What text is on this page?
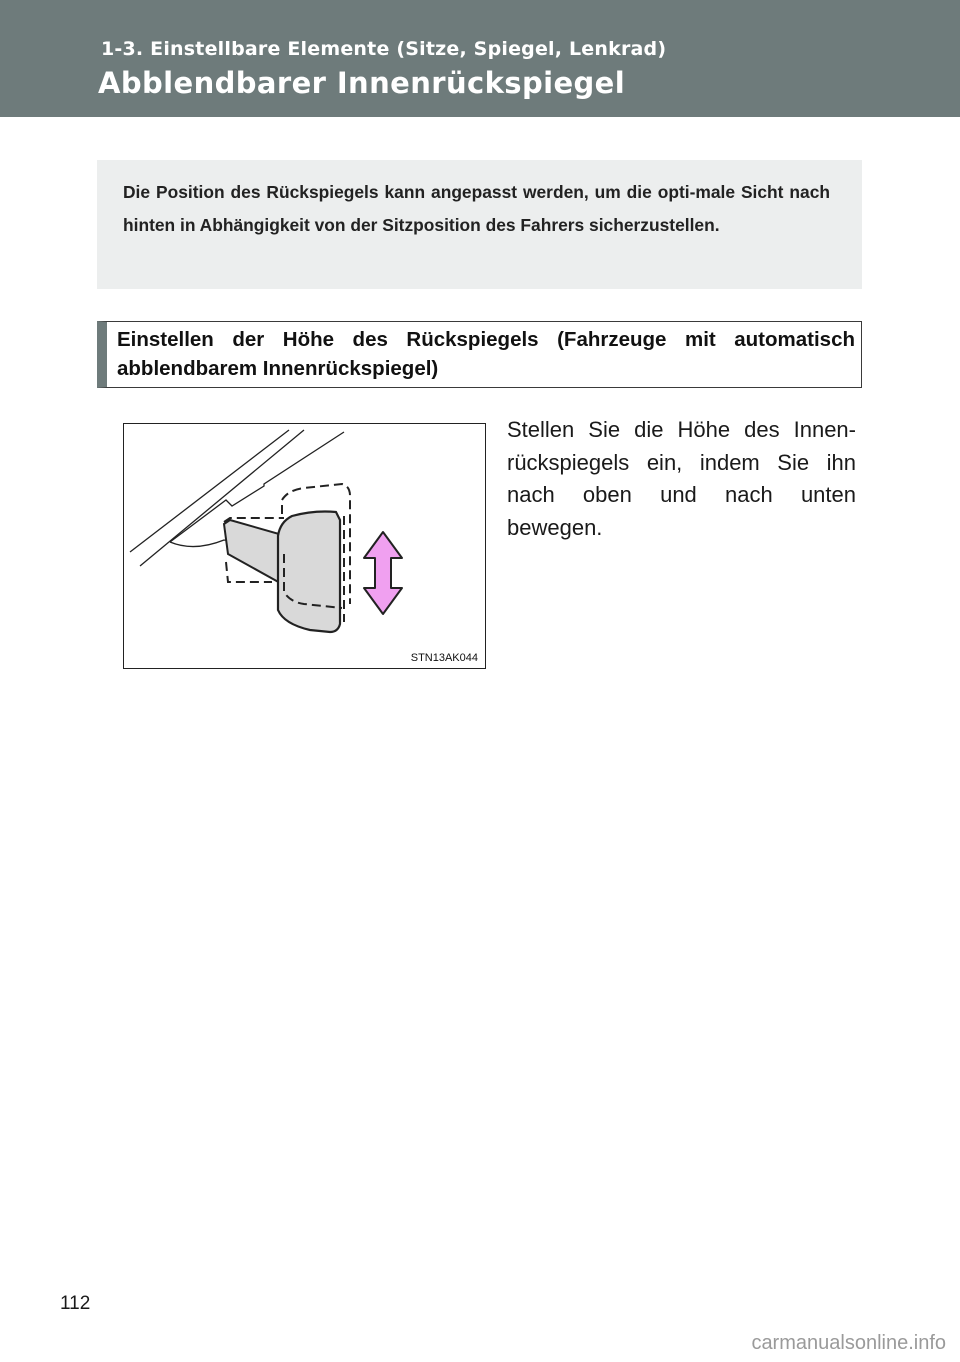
1-3. Einstellbare Elemente (Sitze, Spiegel, Lenkrad)
Abblendbarer Innenrückspiegel

Die Position des Rückspiegels kann angepasst werden, um die opti-male Sicht nach hinten in Abhängigkeit von der Sitzposition des Fahrers sicherzustellen.

Einstellen der Höhe des Rückspiegels (Fahrzeuge mit automatisch abblendbarem Innenrückspiegel)

STN13AK044

Stellen Sie die Höhe des Innen-rückspiegels ein, indem Sie ihn nach oben und nach unten bewegen.

112
carmanualsonline.info
